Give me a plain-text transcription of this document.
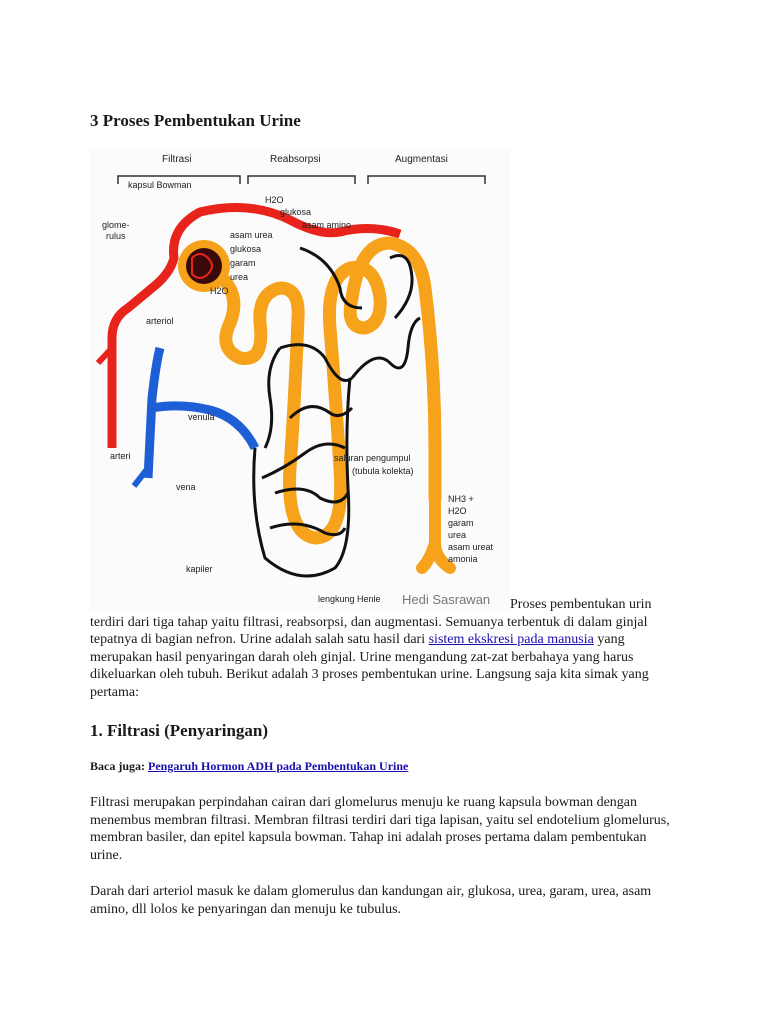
3 Proses Pembentukan Urine
Filtrasi	Reabsorpsi	Augmentasi
kapsul Bowman
glome-
rulus
H2O
glukosa
asam amino
asam urea
glukosa
garam
urea
H2O
arteriol
venula
arteri
vena
saluran pengumpul
(tubula kolekta)
NH3 +
H2O
garam
urea
asam ureat
amonia
kapiler
lengkung Henle Hedi Sasrawan	Proses pembentukan urin terdiri dari tiga tahap yaitu filtrasi, reabsorpsi, dan augmentasi. Semuanya terbentuk di dalam ginjal tepatnya di bagian nefron. Urine adalah salah satu hasil dari sistem ekskresi pada manusia yang merupakan hasil penyaringan darah oleh ginjal. Urine mengandung zat-zat berbahaya yang harus dikeluarkan oleh tubuh. Berikut adalah 3 proses pembentukan urine. Langsung saja kita simak yang pertama:

1. Filtrasi (Penyaringan)

Baca juga: Pengaruh Hormon ADH pada Pembentukan Urine

Filtrasi merupakan perpindahan cairan dari glomelurus menuju ke ruang kapsula bowman dengan menembus membran filtrasi. Membran filtrasi terdiri dari tiga lapisan, yaitu sel endotelium glomelurus, membran basiler, dan epitel kapsula bowman. Tahap ini adalah proses pertama dalam pembentukan urine.

Darah dari arteriol masuk ke dalam glomerulus dan kandungan air, glukosa, urea, garam, urea, asam amino, dll lolos ke penyaringan dan menuju ke tubulus.
